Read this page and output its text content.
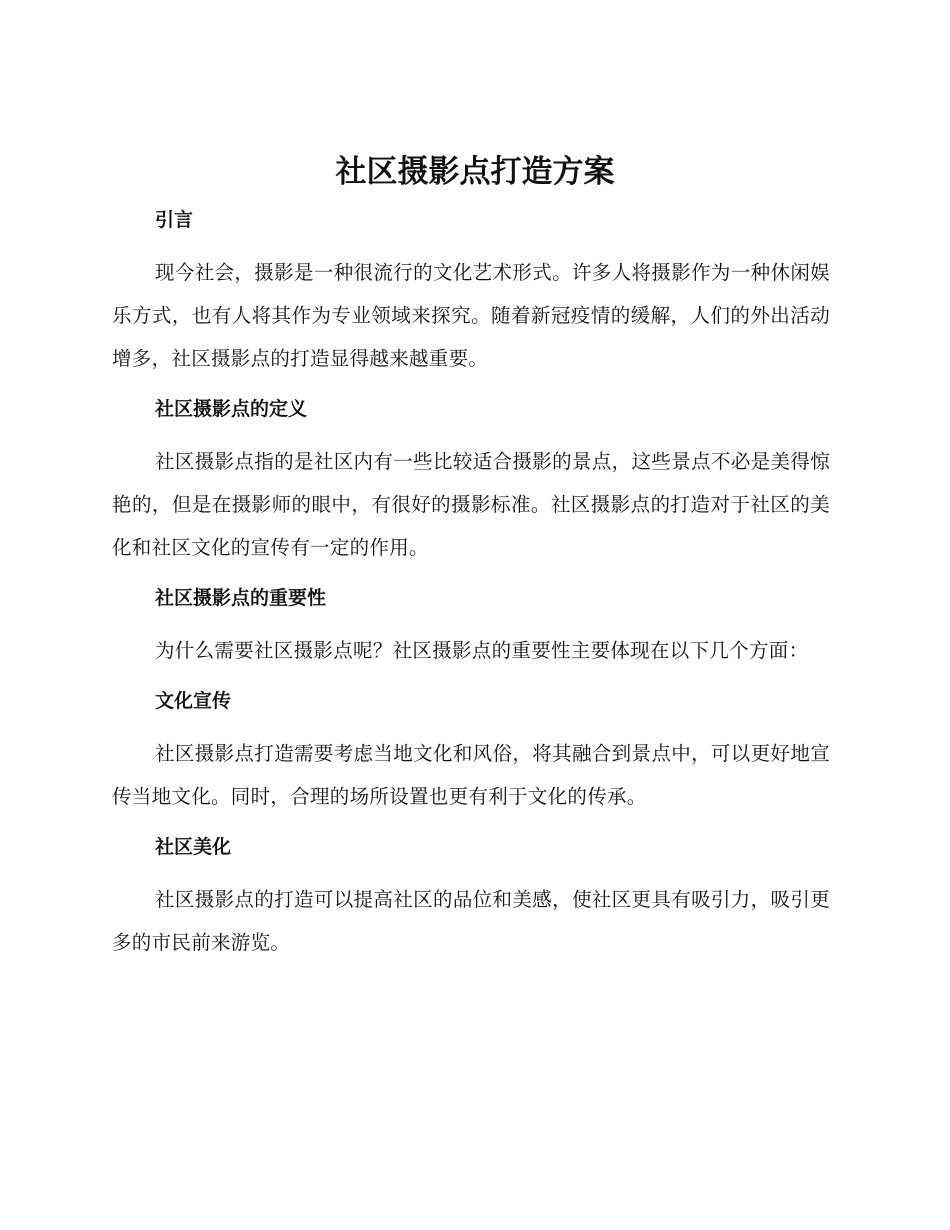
社区摄影点打造方案
引言

现今社会，摄影是一种很流行的文化艺术形式。许多人将摄影作为一种休闲娱乐方式，也有人将其作为专业领域来探究。随着新冠疫情的缓解，人们的外出活动增多，社区摄影点的打造显得越来越重要。

社区摄影点的定义

社区摄影点指的是社区内有一些比较适合摄影的景点，这些景点不必是美得惊艳的，但是在摄影师的眼中，有很好的摄影标准。社区摄影点的打造对于社区的美化和社区文化的宣传有一定的作用。

社区摄影点的重要性

为什么需要社区摄影点呢？社区摄影点的重要性主要体现在以下几个方面：

文化宣传

社区摄影点打造需要考虑当地文化和风俗，将其融合到景点中，可以更好地宣传当地文化。同时，合理的场所设置也更有利于文化的传承。

社区美化

社区摄影点的打造可以提高社区的品位和美感，使社区更具有吸引力，吸引更多的市民前来游览。
